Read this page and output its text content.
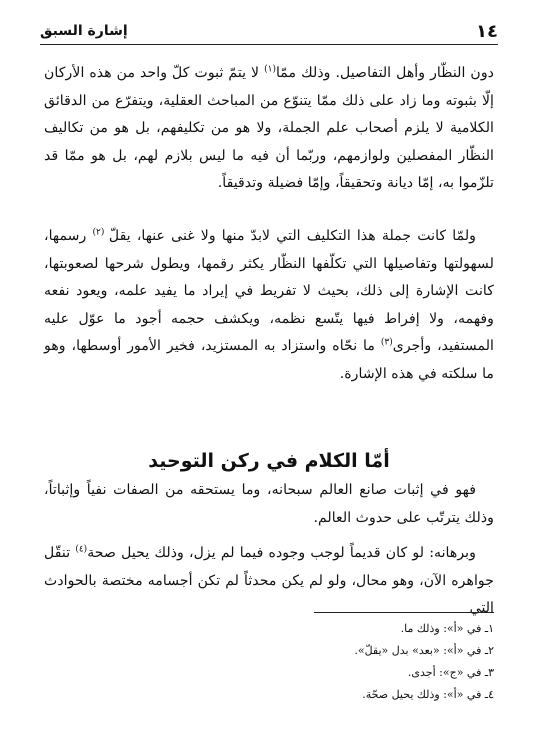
١٤
إشارة السبق

دون النظّار وأهل التفاصيل. وذلك ممّا$^{(١)}$ لا يتمّ ثبوت كلّ واحد من هذه الأركان إلّا بثبوته وما زاد على ذلك ممّا يتنوّع من المباحث العقلية، ويتفرّع من الدقائق الكلامية لا يلزم أصحاب علم الجملة، ولا هو من تكليفهم، بل هو من تكاليف النظّار المفصلين ولوازمهم، وربّما أن فيه ما ليس بلازم لهم، بل هو ممّا قد تلزّموا به، إمّا ديانة وتحقيقاً، وإمّا فضيلة وتدقيقاً.

ولمّا كانت جملة هذا التكليف التي لابدّ منها ولا غنى عنها، يقلّ $^{(٢)}$ رسمها، لسهولتها وتفاصيلها التي تكلّفها النظّار يكثر رقمها، ويطول شرحها لصعوبتها، كانت الإشارة إلى ذلك، بحيث لا تفريط في إيراد ما يفيد علمه، ويعود نفعه وفهمه، ولا إفراط فيها يتّسع نظمه، ويكشف حجمه أجود ما عوّل عليه المستفيد، وأجرى$^{(٣)}$ ما نحّاه واستزاد به المستزيد، فخير الأمور أوسطها، وهو ما سلكته في هذه الإشارة.

أمّا الكلام في ركن التوحيد

فهو في إثبات صانع العالم سبحانه، وما يستحقه من الصفات نفياً وإثباتاً، وذلك يترتّب على حدوث العالم.

وبرهانه: لو كان قديماً لوجب وجوده فيما لم يزل، وذلك يحيل صحة$^{(٤)}$ تنقّل جواهره الآن، وهو محال، ولو لم يكن محدثاً لم تكن أجسامه مختصة بالحوادث التي

١ـ في «أ»: وذلك ما.

٢ـ في «أ»: «بعد» بدل «يقلّ».

٣ـ في «ج»: أجدى.

٤ـ في «أ»: وذلك يحيل صحّة.
